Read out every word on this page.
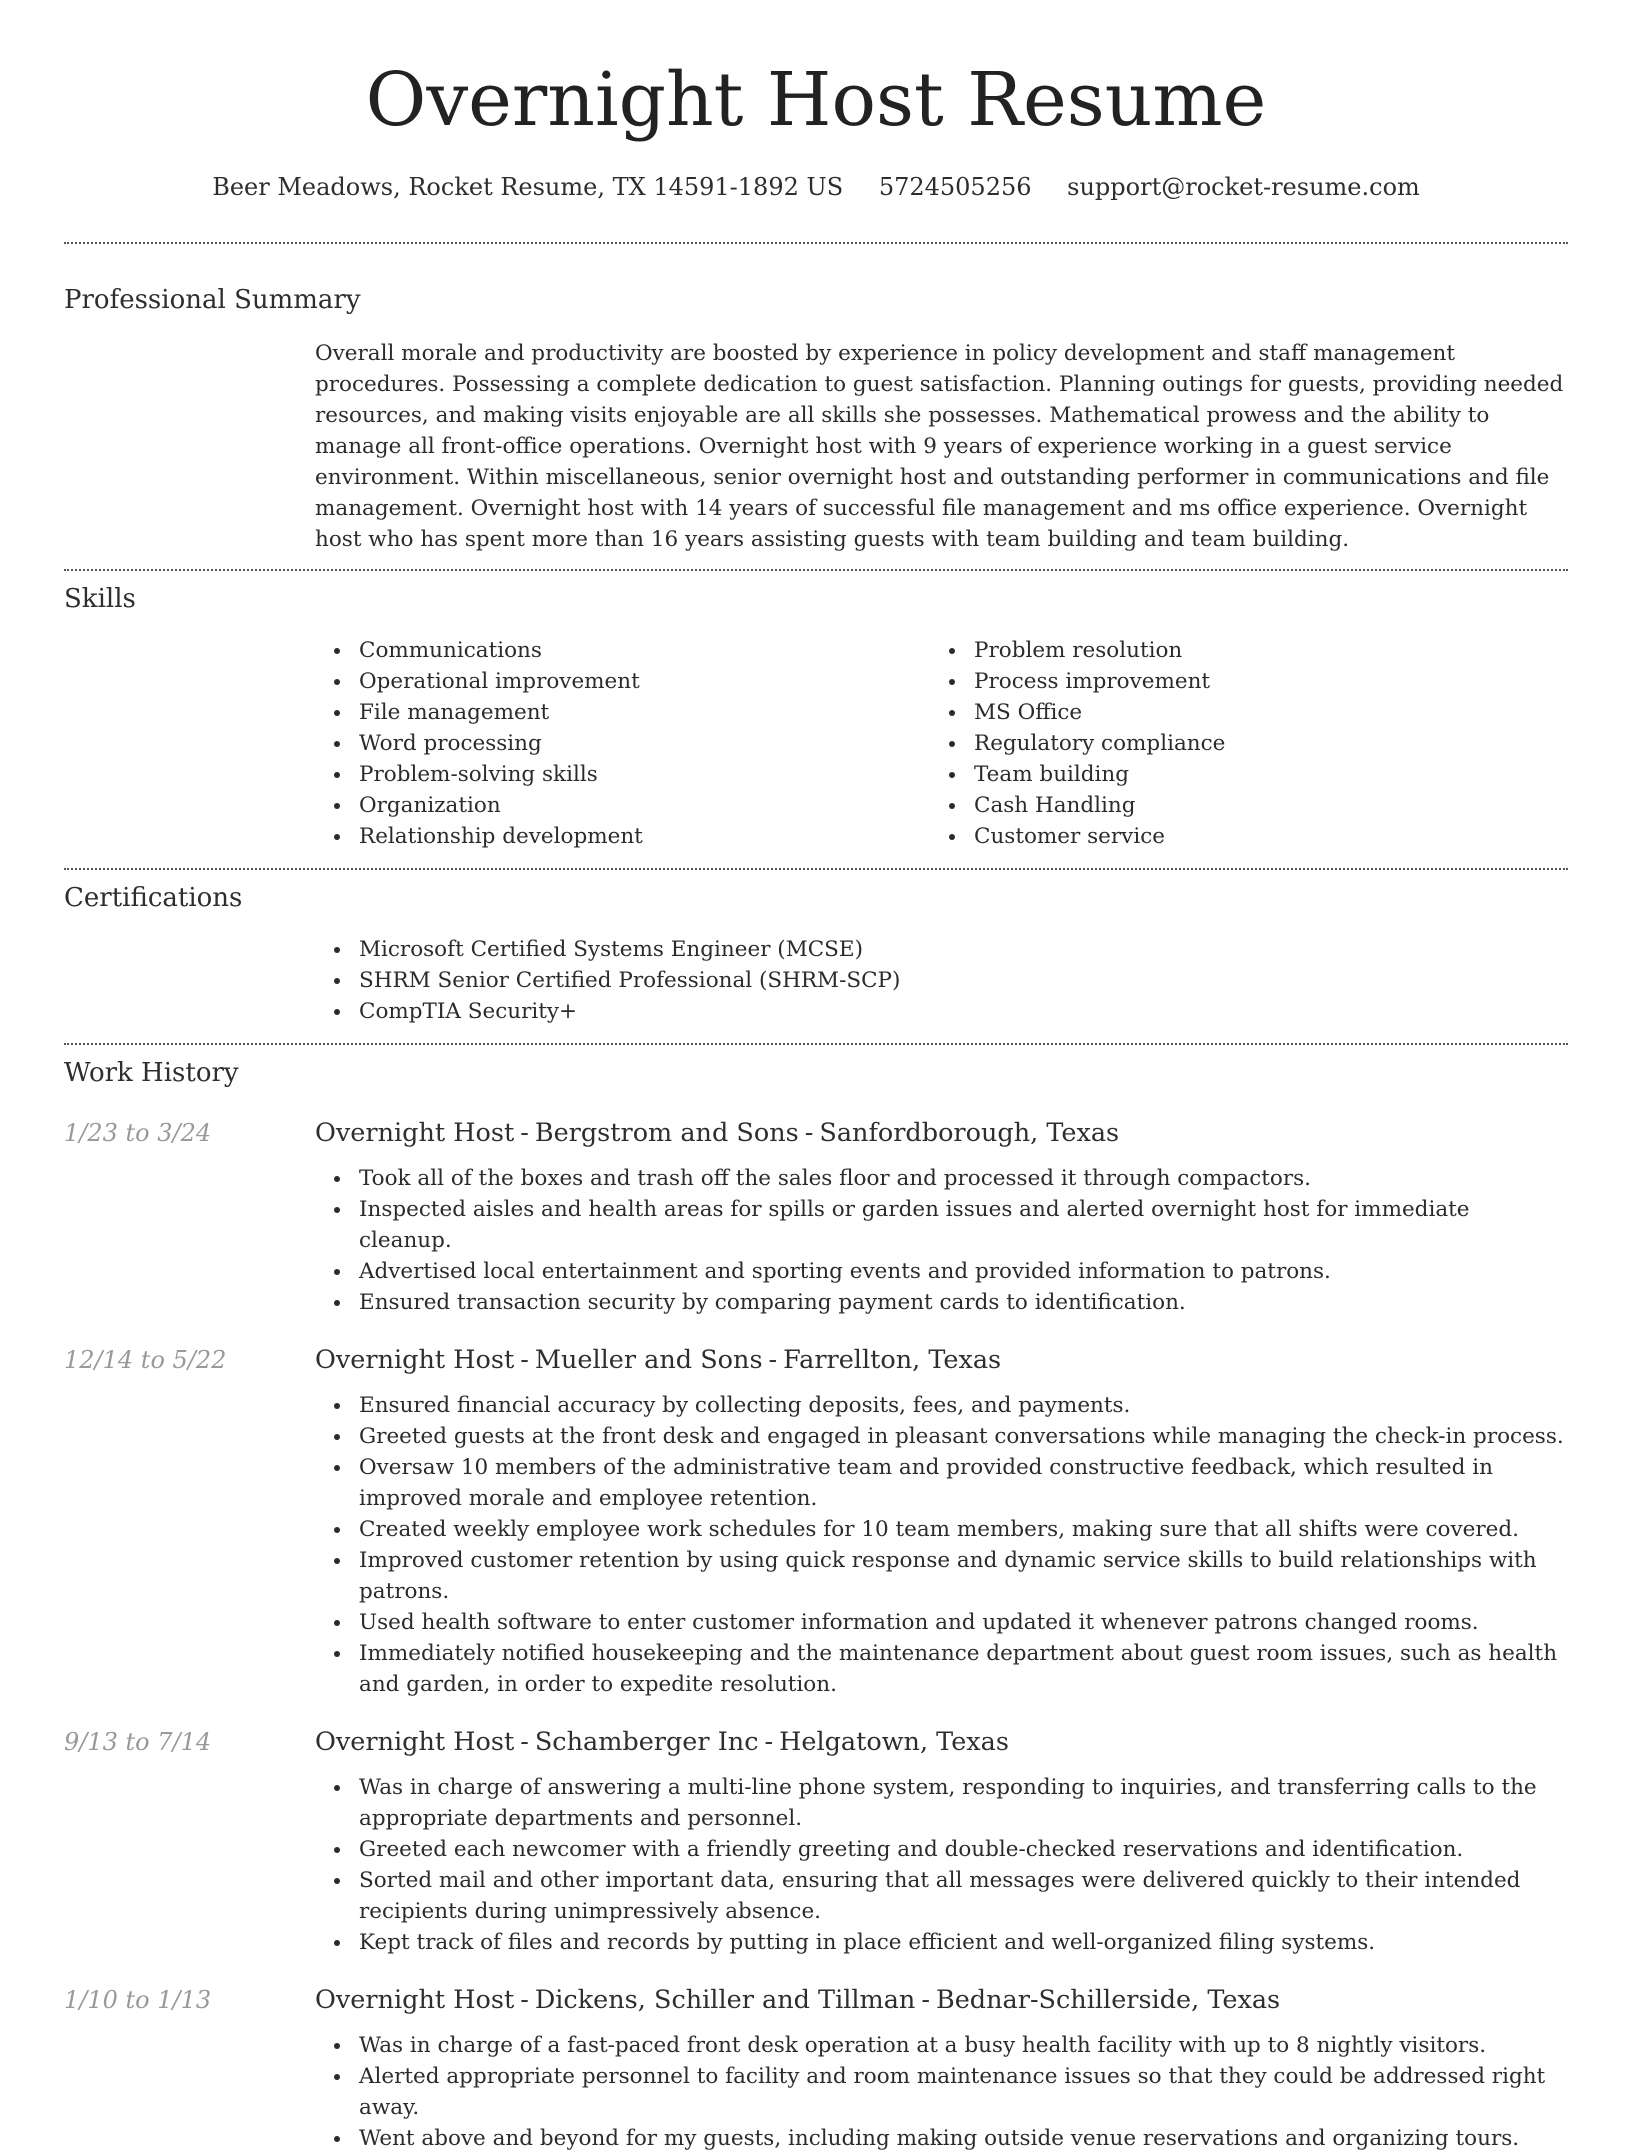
Overnight Host Resume
Beer Meadows, Rocket Resume, TX 14591-1892 US 5724505256 support@rocket-resume.com
Professional Summary
Overall morale and productivity are boosted by experience in policy development and staff management procedures. Possessing a complete dedication to guest satisfaction. Planning outings for guests, providing needed resources, and making visits enjoyable are all skills she possesses. Mathematical prowess and the ability to manage all front-office operations. Overnight host with 9 years of experience working in a guest service environment. Within miscellaneous, senior overnight host and outstanding performer in communications and file management. Overnight host with 14 years of successful file management and ms office experience. Overnight host who has spent more than 16 years assisting guests with team building and team building.
Skills
Communications
Operational improvement
File management
Word processing
Problem-solving skills
Organization
Relationship development
Problem resolution
Process improvement
MS Office
Regulatory compliance
Team building
Cash Handling
Customer service
Certifications
Microsoft Certified Systems Engineer (MCSE)
SHRM Senior Certified Professional (SHRM-SCP)
CompTIA Security+
Work History
1/23 to 3/24	Overnight Host - Bergstrom and Sons - Sanfordborough, Texas
Took all of the boxes and trash off the sales floor and processed it through compactors.
Inspected aisles and health areas for spills or garden issues and alerted overnight host for immediate cleanup.
Advertised local entertainment and sporting events and provided information to patrons.
Ensured transaction security by comparing payment cards to identification.
12/14 to 5/22	Overnight Host - Mueller and Sons - Farrellton, Texas
Ensured financial accuracy by collecting deposits, fees, and payments.
Greeted guests at the front desk and engaged in pleasant conversations while managing the check-in process.
Oversaw 10 members of the administrative team and provided constructive feedback, which resulted in improved morale and employee retention.
Created weekly employee work schedules for 10 team members, making sure that all shifts were covered.
Improved customer retention by using quick response and dynamic service skills to build relationships with patrons.
Used health software to enter customer information and updated it whenever patrons changed rooms.
Immediately notified housekeeping and the maintenance department about guest room issues, such as health and garden, in order to expedite resolution.
9/13 to 7/14	Overnight Host - Schamberger Inc - Helgatown, Texas
Was in charge of answering a multi-line phone system, responding to inquiries, and transferring calls to the appropriate departments and personnel.
Greeted each newcomer with a friendly greeting and double-checked reservations and identification.
Sorted mail and other important data, ensuring that all messages were delivered quickly to their intended recipients during unimpressively absence.
Kept track of files and records by putting in place efficient and well-organized filing systems.
1/10 to 1/13	Overnight Host - Dickens, Schiller and Tillman - Bednar-Schillerside, Texas
Was in charge of a fast-paced front desk operation at a busy health facility with up to 8 nightly visitors.
Alerted appropriate personnel to facility and room maintenance issues so that they could be addressed right away.
Went above and beyond for my guests, including making outside venue reservations and organizing tours.
